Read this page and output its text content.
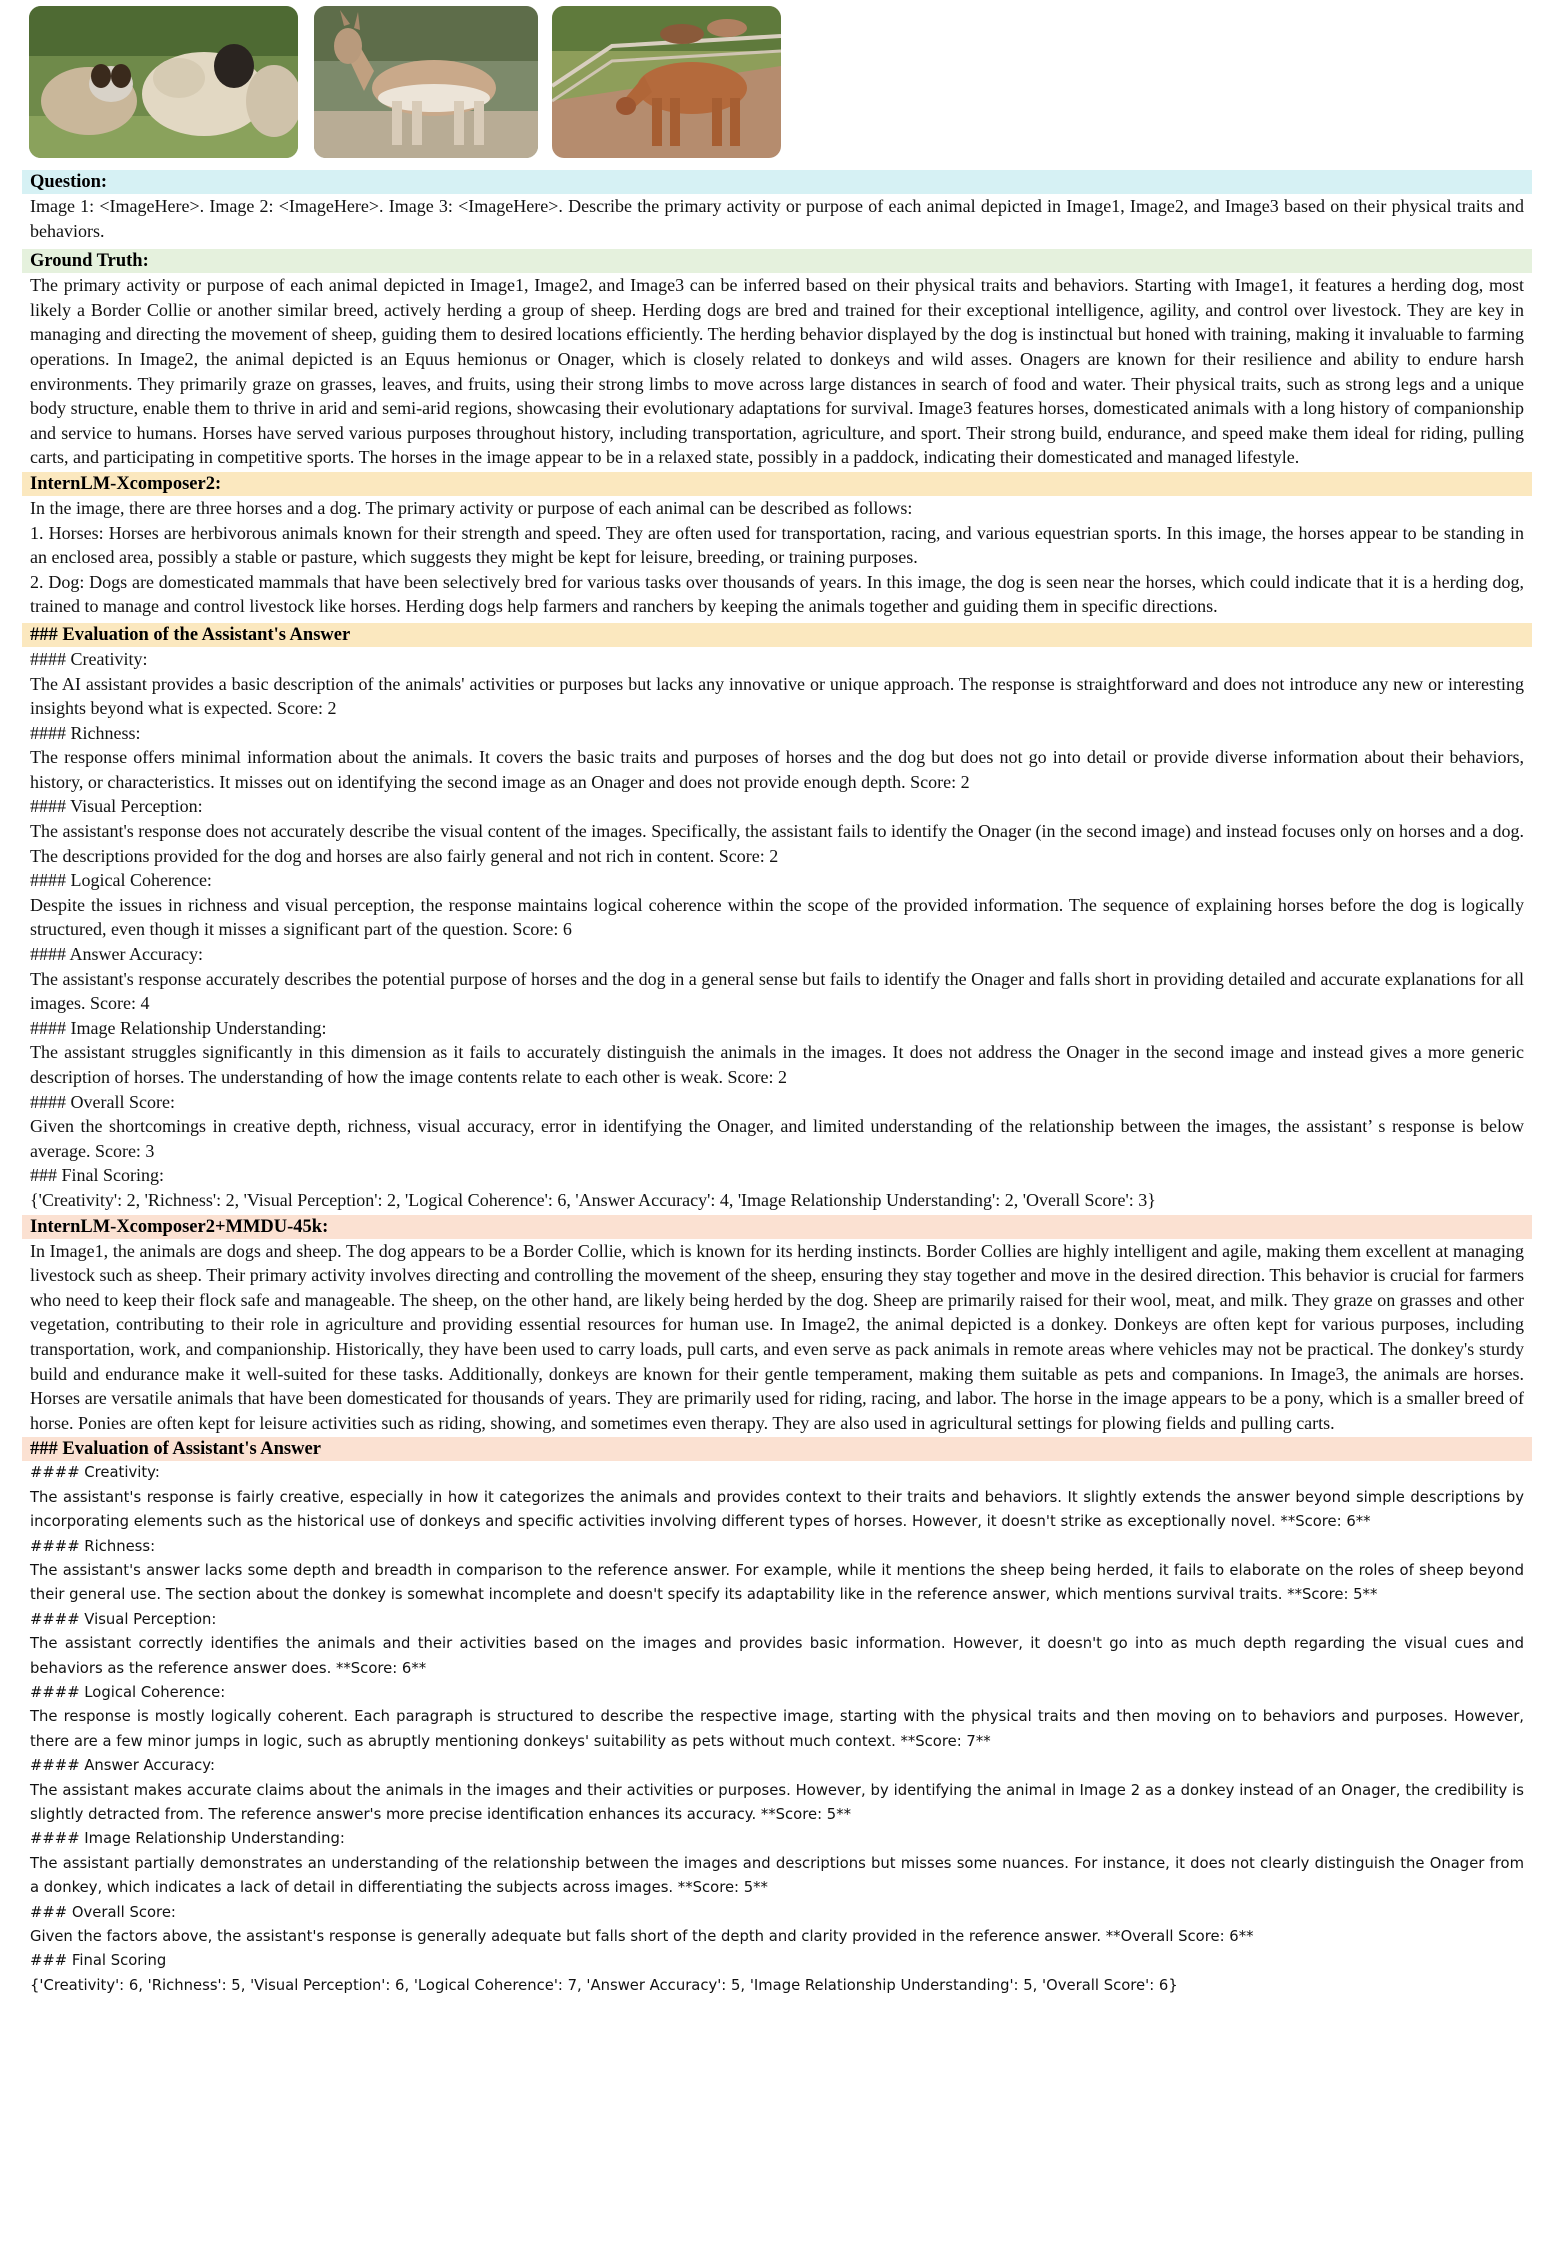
Question:

Image 1: <ImageHere>. Image 2: <ImageHere>. Image 3: <ImageHere>. Describe the primary activity or purpose of each animal depicted in Image1, Image2, and Image3 based on their physical traits and behaviors.

Ground Truth:

The primary activity or purpose of each animal depicted in Image1, Image2, and Image3 can be inferred based on their physical traits and behaviors. Starting with Image1, it features a herding dog, most likely a Border Collie or another similar breed, actively herding a group of sheep. Herding dogs are bred and trained for their exceptional intelligence, agility, and control over livestock. They are key in managing and directing the movement of sheep, guiding them to desired locations efficiently. The herding behavior displayed by the dog is instinctual but honed with training, making it invaluable to farming operations. In Image2, the animal depicted is an Equus hemionus or Onager, which is closely related to donkeys and wild asses. Onagers are known for their resilience and ability to endure harsh environments. They primarily graze on grasses, leaves, and fruits, using their strong limbs to move across large distances in search of food and water. Their physical traits, such as strong legs and a unique body structure, enable them to thrive in arid and semi-arid regions, showcasing their evolutionary adaptations for survival. Image3 features horses, domesticated animals with a long history of companionship and service to humans. Horses have served various purposes throughout history, including transportation, agriculture, and sport. Their strong build, endurance, and speed make them ideal for riding, pulling carts, and participating in competitive sports. The horses in the image appear to be in a relaxed state, possibly in a paddock, indicating their domesticated and managed lifestyle.

InternLM-Xcomposer2:

In the image, there are three horses and a dog. The primary activity or purpose of each animal can be described as follows:

1. Horses: Horses are herbivorous animals known for their strength and speed. They are often used for transportation, racing, and various equestrian sports. In this image, the horses appear to be standing in an enclosed area, possibly a stable or pasture, which suggests they might be kept for leisure, breeding, or training purposes.

2. Dog: Dogs are domesticated mammals that have been selectively bred for various tasks over thousands of years. In this image, the dog is seen near the horses, which could indicate that it is a herding dog, trained to manage and control livestock like horses. Herding dogs help farmers and ranchers by keeping the animals together and guiding them in specific directions.

### Evaluation of the Assistant's Answer

#### Creativity:

The AI assistant provides a basic description of the animals' activities or purposes but lacks any innovative or unique approach. The response is straightforward and does not introduce any new or interesting insights beyond what is expected. Score: 2

#### Richness:

The response offers minimal information about the animals. It covers the basic traits and purposes of horses and the dog but does not go into detail or provide diverse information about their behaviors, history, or characteristics. It misses out on identifying the second image as an Onager and does not provide enough depth. Score: 2

#### Visual Perception:

The assistant's response does not accurately describe the visual content of the images. Specifically, the assistant fails to identify the Onager (in the second image) and instead focuses only on horses and a dog. The descriptions provided for the dog and horses are also fairly general and not rich in content. Score: 2

#### Logical Coherence:

Despite the issues in richness and visual perception, the response maintains logical coherence within the scope of the provided information. The sequence of explaining horses before the dog is logically structured, even though it misses a significant part of the question. Score: 6

#### Answer Accuracy:

The assistant's response accurately describes the potential purpose of horses and the dog in a general sense but fails to identify the Onager and falls short in providing detailed and accurate explanations for all images. Score: 4

#### Image Relationship Understanding:

The assistant struggles significantly in this dimension as it fails to accurately distinguish the animals in the images. It does not address the Onager in the second image and instead gives a more generic description of horses. The understanding of how the image contents relate to each other is weak. Score: 2

#### Overall Score:

Given the shortcomings in creative depth, richness, visual accuracy, error in identifying the Onager, and limited understanding of the relationship between the images, the assistant’ s response is below average. Score: 3

### Final Scoring:

{'Creativity': 2, 'Richness': 2, 'Visual Perception': 2, 'Logical Coherence': 6, 'Answer Accuracy': 4, 'Image Relationship Understanding': 2, 'Overall Score': 3}

InternLM-Xcomposer2+MMDU-45k:

In Image1, the animals are dogs and sheep. The dog appears to be a Border Collie, which is known for its herding instincts. Border Collies are highly intelligent and agile, making them excellent at managing livestock such as sheep. Their primary activity involves directing and controlling the movement of the sheep, ensuring they stay together and move in the desired direction. This behavior is crucial for farmers who need to keep their flock safe and manageable. The sheep, on the other hand, are likely being herded by the dog. Sheep are primarily raised for their wool, meat, and milk. They graze on grasses and other vegetation, contributing to their role in agriculture and providing essential resources for human use. In Image2, the animal depicted is a donkey. Donkeys are often kept for various purposes, including transportation, work, and companionship. Historically, they have been used to carry loads, pull carts, and even serve as pack animals in remote areas where vehicles may not be practical. The donkey's sturdy build and endurance make it well-suited for these tasks. Additionally, donkeys are known for their gentle temperament, making them suitable as pets and companions. In Image3, the animals are horses. Horses are versatile animals that have been domesticated for thousands of years. They are primarily used for riding, racing, and labor. The horse in the image appears to be a pony, which is a smaller breed of horse. Ponies are often kept for leisure activities such as riding, showing, and sometimes even therapy. They are also used in agricultural settings for plowing fields and pulling carts.

### Evaluation of Assistant's Answer

#### Creativity:

The assistant's response is fairly creative, especially in how it categorizes the animals and provides context to their traits and behaviors. It slightly extends the answer beyond simple descriptions by incorporating elements such as the historical use of donkeys and specific activities involving different types of horses. However, it doesn't strike as exceptionally novel. **Score: 6**

#### Richness:

The assistant's answer lacks some depth and breadth in comparison to the reference answer. For example, while it mentions the sheep being herded, it fails to elaborate on the roles of sheep beyond their general use. The section about the donkey is somewhat incomplete and doesn't specify its adaptability like in the reference answer, which mentions survival traits. **Score: 5**

#### Visual Perception:

The assistant correctly identifies the animals and their activities based on the images and provides basic information. However, it doesn't go into as much depth regarding the visual cues and behaviors as the reference answer does. **Score: 6**

#### Logical Coherence:

The response is mostly logically coherent. Each paragraph is structured to describe the respective image, starting with the physical traits and then moving on to behaviors and purposes. However, there are a few minor jumps in logic, such as abruptly mentioning donkeys' suitability as pets without much context. **Score: 7**

#### Answer Accuracy:

The assistant makes accurate claims about the animals in the images and their activities or purposes. However, by identifying the animal in Image 2 as a donkey instead of an Onager, the credibility is slightly detracted from. The reference answer's more precise identification enhances its accuracy. **Score: 5**

#### Image Relationship Understanding:

The assistant partially demonstrates an understanding of the relationship between the images and descriptions but misses some nuances. For instance, it does not clearly distinguish the Onager from a donkey, which indicates a lack of detail in differentiating the subjects across images. **Score: 5**

### Overall Score:

Given the factors above, the assistant's response is generally adequate but falls short of the depth and clarity provided in the reference answer. **Overall Score: 6**

### Final Scoring

{'Creativity': 6, 'Richness': 5, 'Visual Perception': 6, 'Logical Coherence': 7, 'Answer Accuracy': 5, 'Image Relationship Understanding': 5, 'Overall Score': 6}
